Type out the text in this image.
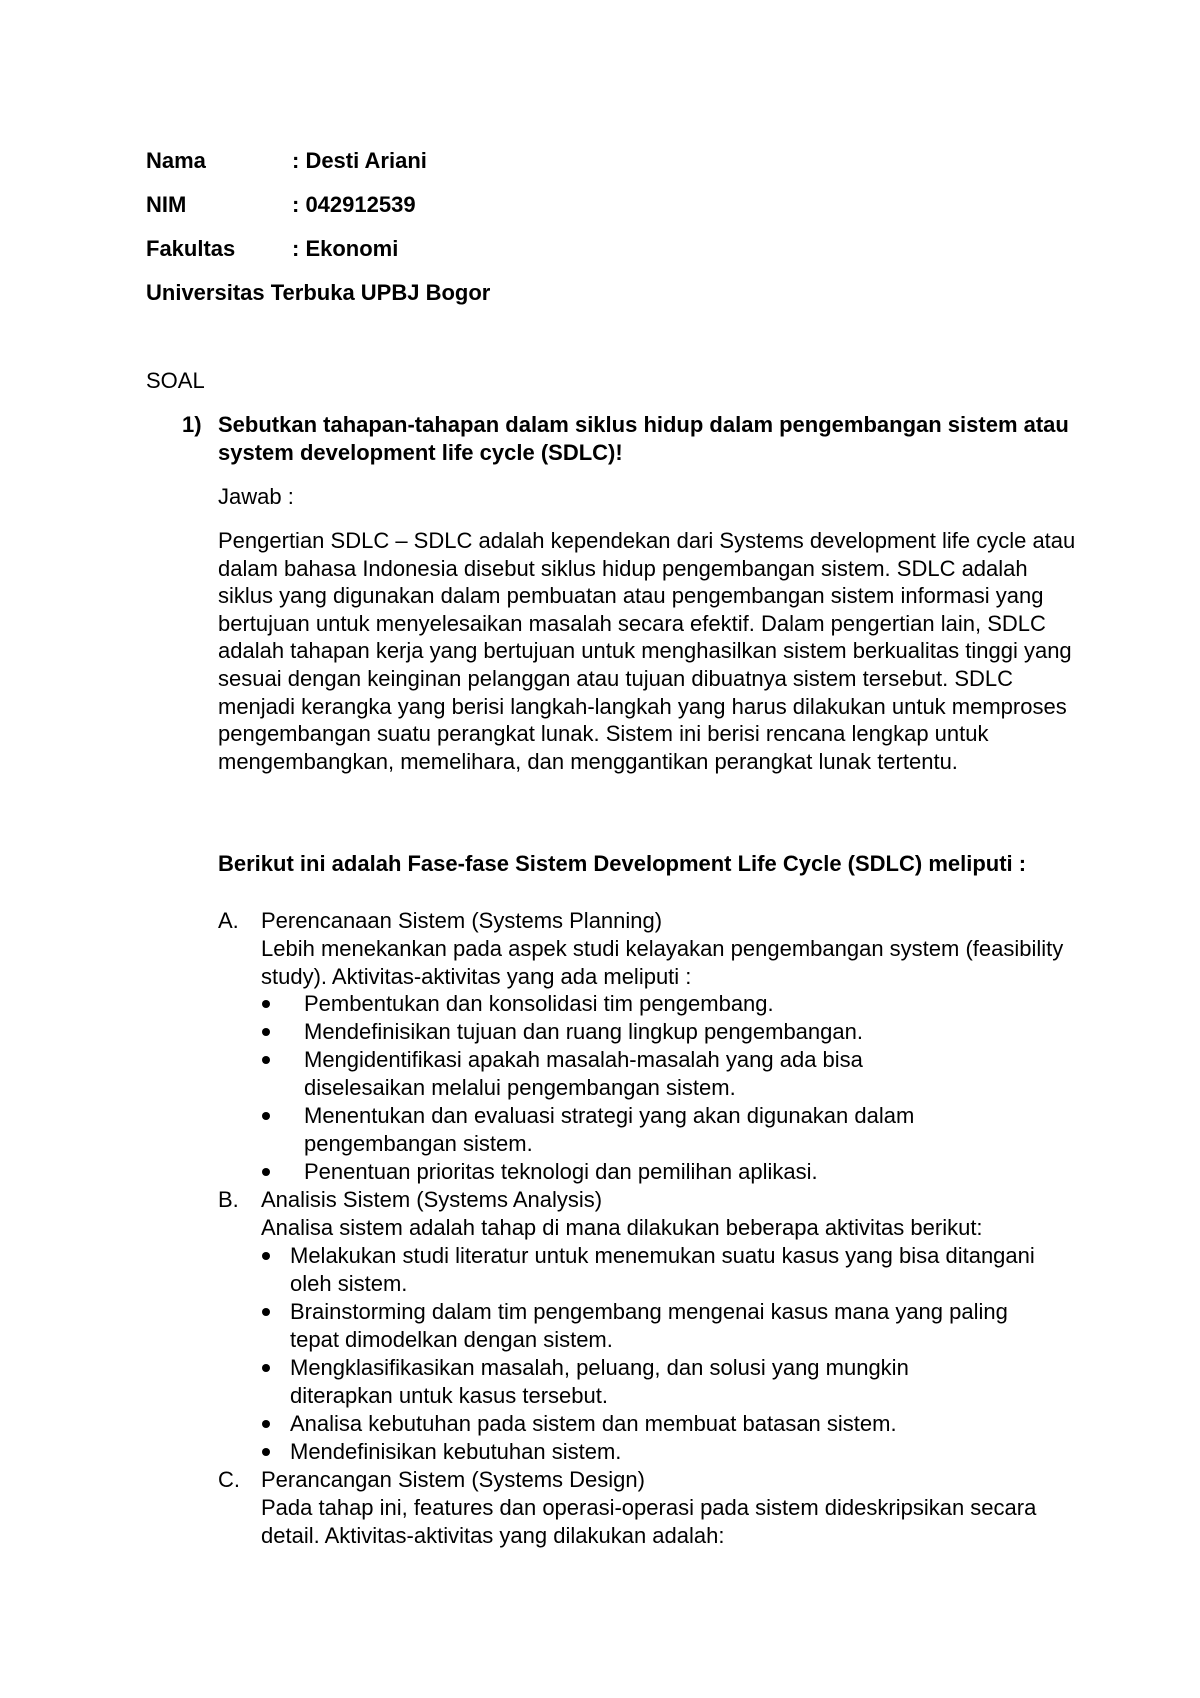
Nama	: Desti Ariani
NIM	: 042912539
Fakultas	: Ekonomi
Universitas Terbuka UPBJ Bogor
SOAL
1) Sebutkan tahapan-tahapan dalam siklus hidup dalam pengembangan sistem atau system development life cycle (SDLC)!
Jawab :
Pengertian SDLC – SDLC adalah kependekan dari Systems development life cycle atau dalam bahasa Indonesia disebut siklus hidup pengembangan sistem. SDLC adalah siklus yang digunakan dalam pembuatan atau pengembangan sistem informasi yang bertujuan untuk menyelesaikan masalah secara efektif. Dalam pengertian lain, SDLC adalah tahapan kerja yang bertujuan untuk menghasilkan sistem berkualitas tinggi yang sesuai dengan keinginan pelanggan atau tujuan dibuatnya sistem tersebut. SDLC menjadi kerangka yang berisi langkah-langkah yang harus dilakukan untuk memproses pengembangan suatu perangkat lunak. Sistem ini berisi rencana lengkap untuk mengembangkan, memelihara, dan menggantikan perangkat lunak tertentu.
Berikut ini adalah Fase-fase Sistem Development Life Cycle (SDLC) meliputi :
A. Perencanaan Sistem (Systems Planning)
Lebih menekankan pada aspek studi kelayakan pengembangan system (feasibility study). Aktivitas-aktivitas yang ada meliputi :
Pembentukan dan konsolidasi tim pengembang.
Mendefinisikan tujuan dan ruang lingkup pengembangan.
Mengidentifikasi apakah masalah-masalah yang ada bisa diselesaikan melalui pengembangan sistem.
Menentukan dan evaluasi strategi yang akan digunakan dalam pengembangan sistem.
Penentuan prioritas teknologi dan pemilihan aplikasi.
B. Analisis Sistem (Systems Analysis)
Analisa sistem adalah tahap di mana dilakukan beberapa aktivitas berikut:
Melakukan studi literatur untuk menemukan suatu kasus yang bisa ditangani oleh sistem.
Brainstorming dalam tim pengembang mengenai kasus mana yang paling tepat dimodelkan dengan sistem.
Mengklasifikasikan masalah, peluang, dan solusi yang mungkin diterapkan untuk kasus tersebut.
Analisa kebutuhan pada sistem dan membuat batasan sistem.
Mendefinisikan kebutuhan sistem.
C. Perancangan Sistem (Systems Design)
Pada tahap ini, features dan operasi-operasi pada sistem dideskripsikan secara detail. Aktivitas-aktivitas yang dilakukan adalah:
